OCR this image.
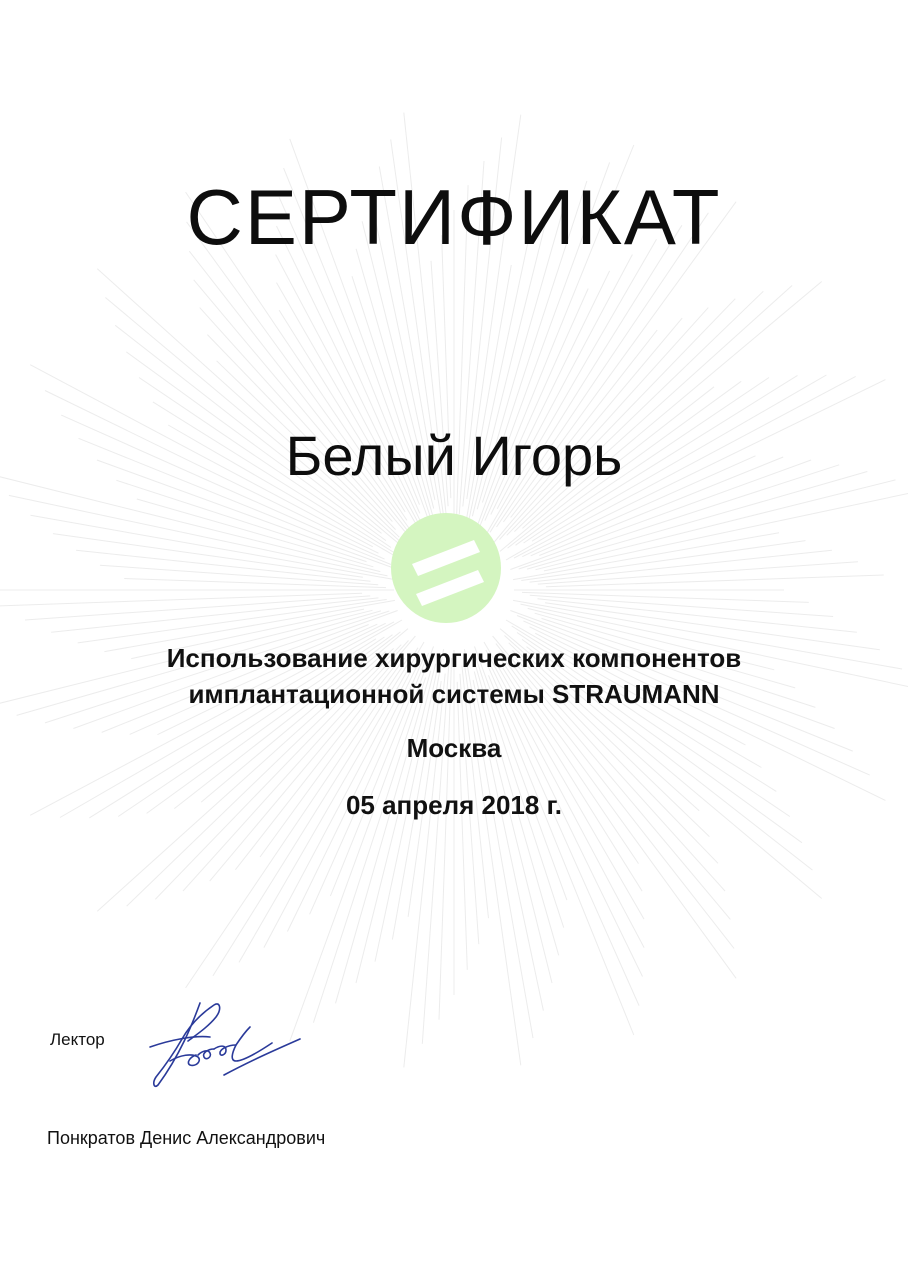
СЕРТИФИКАТ
Белый Игорь
Использование хирургических компонентов
имплантационной системы STRAUMANN
Москва
05 апреля 2018 г.
Лектор
Понкратов Денис Александрович
